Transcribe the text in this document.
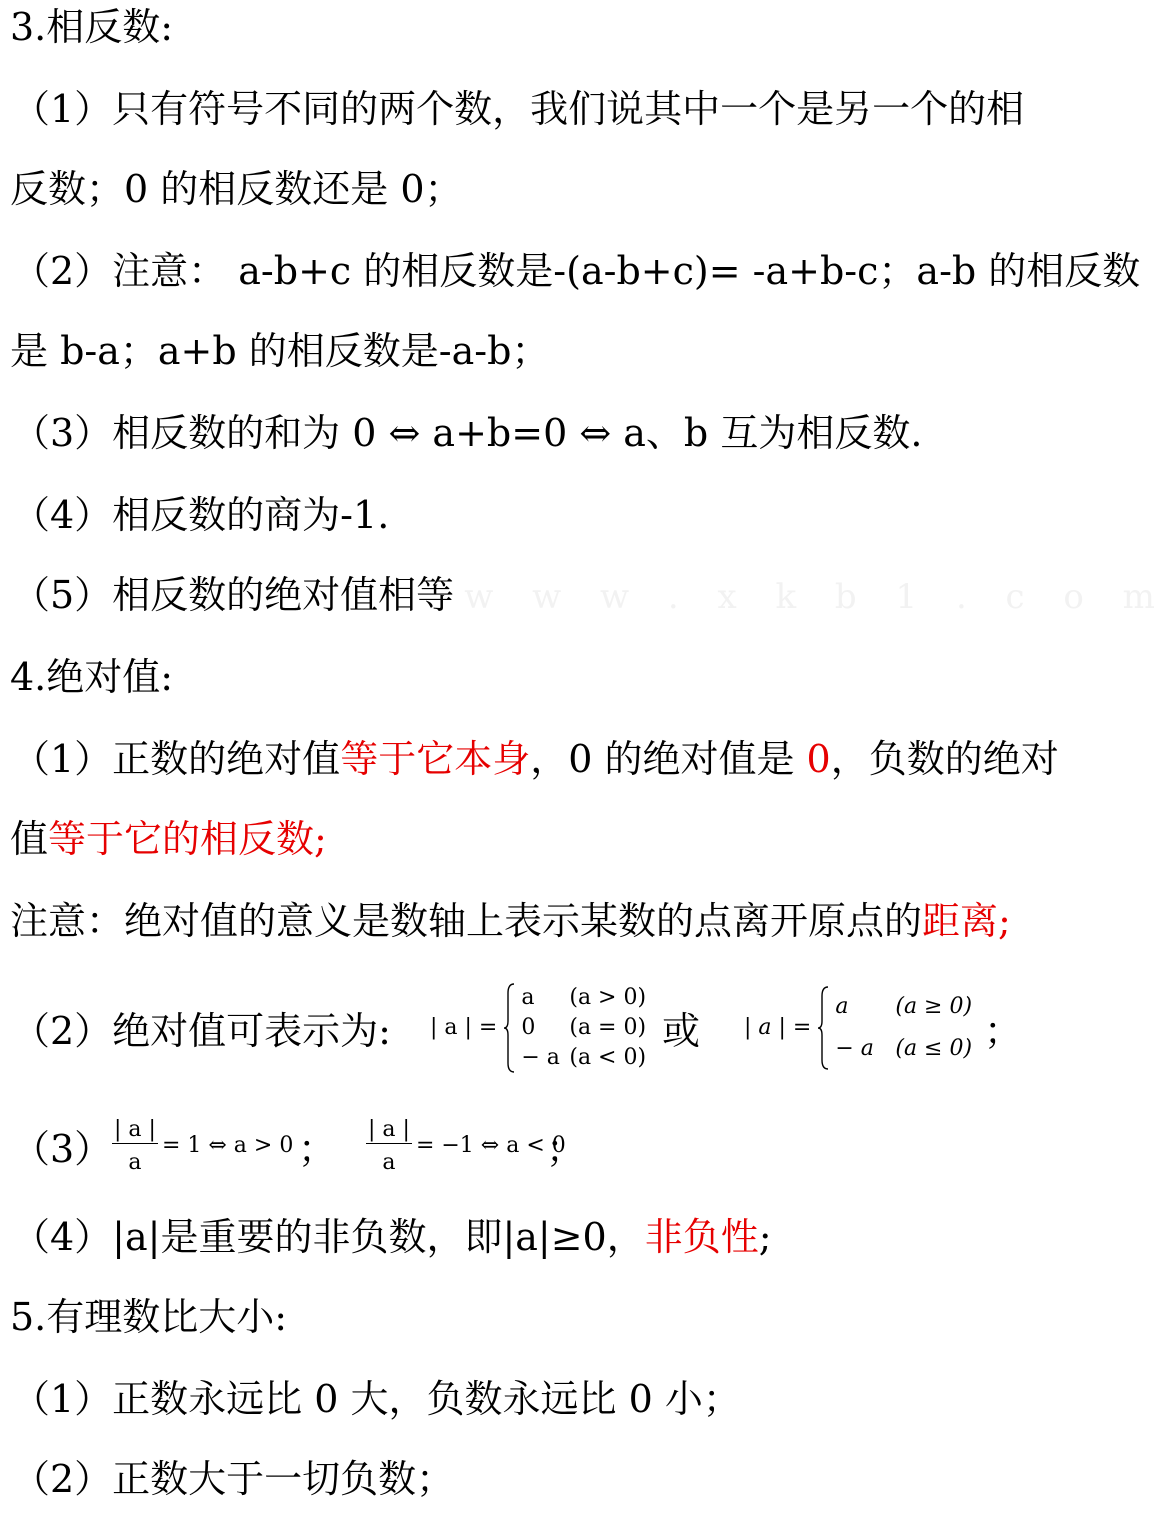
3.相反数:
（1）只有符号不同的两个数，我们说其中一个是另一个的相
反数；0 的相反数还是 0；
（2）注意： a-b+c 的相反数是-(a-b+c)= -a+b-c；a-b 的相反数
是 b-a；a+b 的相反数是-a-b；
（3）相反数的和为 0 ⇔ a+b=0 ⇔ a、b 互为相反数.
（4）相反数的商为-1.
（5）相反数的绝对值相等 w w w . x k b 1 . c o m
4.绝对值:
（1）正数的绝对值等于它本身，0 的绝对值是 0，负数的绝对
值等于它的相反数;
注意：绝对值的意义是数轴上表示某数的点离开原点的距离;
（2）绝对值可表示为: | a | =
a (a > 0)
0 (a = 0)
− a (a < 0)
或 | a | =
a (a ≥ 0)
− a (a ≤ 0) ；
$(3) \frac{| a |}{a} = 1$ ⇔ a > 0 ； $\frac{| a |}{a} = -1$ ⇔ a < 0
；
（4）|a|是重要的非负数，即|a|≥0，非负性;
5.有理数比大小:
（1）正数永远比 0 大，负数永远比 0 小；
（2）正数大于一切负数；
